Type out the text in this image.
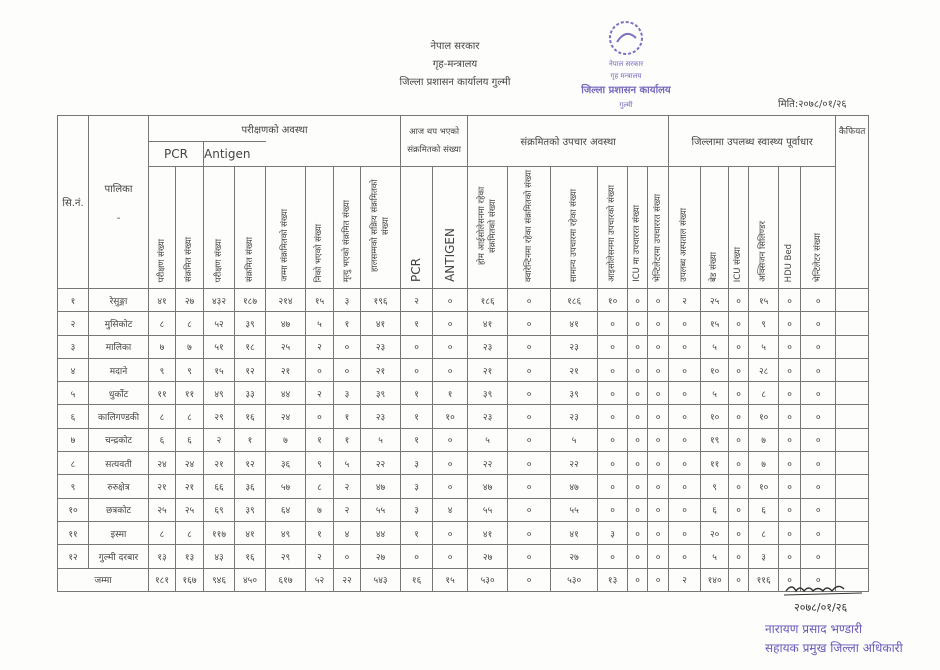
नेपाल सरकार
गृह-मन्त्रालय
जिल्ला प्रशासन कार्यालय गुल्मी
नेपाल सरकार
गृह मन्त्रालय
जिल्ला प्रशासन कार्यालय
गुल्मी	मिति:२०७८/०१/२६
सि.नं.	पालिका
-	परीक्षणको अवस्था								आज थप भएको संक्रमितको संख्या		संक्रमितको उपचार अवस्था						जिल्लामा उपलब्ध स्वास्थ्य पूर्वाधार						कैफियत
		PCR		Antigen																				
		परीक्षण संख्या	संक्रमित संख्या	परीक्षण संख्या	संक्रमित संख्या	जम्मा संक्रमितको संख्या	निको भएको संख्या	मृत्यु भएको संक्रमित संख्या	हालसम्मको सक्रिय संक्रमितको संख्या	PCR	ANTIGEN	होम आईसोलेसनमा रहेका संक्रमितको संख्या	क्वारेन्टिनमा रहेका संक्रमितको संख्या	सामान्य उपचारमा रहेका संख्या	आइसोलेसनमा उपचारको संख्या	ICU मा उपचाररत संख्या	भेन्टिलेटरमा उपचाररत संख्या	उपलब्ध अस्पताल संख्या	बेड संख्या	ICU संख्या	अक्सिजन सिलिण्डर	HDU Bed	भेन्टिलेटर संख्या	
१	रेसुङ्गा	४१	२७	४३२	१८७	२१४	१५	३	१९६	२	०	१८६	०	१८६	१०	०	०	२	२५	०	१५	०	०	
२	मुसिकोट	८	८	५२	३९	४७	५	१	४१	१	०	४१	०	४१	०	०	०	०	१५	०	९	०	०	
३	मालिका	७	७	५१	१८	२५	२	०	२३	०	०	२३	०	२३	०	०	०	०	५	०	५	०	०	
४	मदाने	९	९	१५	१२	२१	०	०	२१	०	०	२१	०	२१	०	०	०	०	१०	०	२८	०	०	
५	धुर्कोट	११	११	४९	३३	४४	२	३	३९	१	१	३९	०	३९	०	०	०	०	५	०	८	०	०	
६	कालिगण्डकी	८	८	२९	१६	२४	०	१	२३	१	१०	२३	०	२३	०	०	०	०	१०	०	१०	०	०	
७	चन्द्रकोट	६	६	२	१	७	१	१	५	१	०	५	०	५	०	०	०	०	१९	०	७	०	०	
८	सत्यवती	२४	२४	२१	१२	३६	९	५	२२	३	०	२२	०	२२	०	०	०	०	११	०	७	०	०	
९	रुरुक्षेत्र	२१	२१	६६	३६	५७	८	२	४७	३	०	४७	०	४७	०	०	०	०	९	०	१०	०	०	
१०	छत्रकोट	२५	२५	६९	३९	६४	७	२	५५	३	४	५५	०	५५	०	०	०	०	६	०	६	०	०	
११	इस्मा	८	८	११७	४१	४९	१	४	४४	१	०	४१	०	४१	३	०	०	०	२०	०	८	०	०	
१२	गुल्मी दरबार	१३	१३	४३	१६	२९	२	०	२७	०	०	२७	०	२७	०	०	०	०	५	०	३	०	०	
जम्मा		१८१	१६७	९४६	४५०	६१७	५२	२२	५४३	१६	१५	५३०	०	५३०	१३	०	०	२	१४०	०	११६	०	०	
२०७८/०१/२६
नारायण प्रसाद भण्डारी
सहायक प्रमुख जिल्ला अधिकारी
